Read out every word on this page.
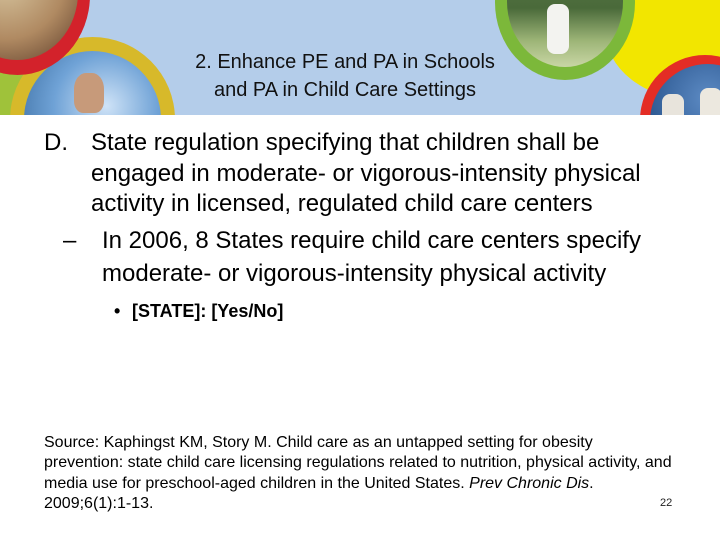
2. Enhance PE and PA in Schools
and PA in Child Care Settings
D. State regulation specifying that children shall be engaged in moderate- or vigorous-intensity physical activity in licensed, regulated child care centers
– In 2006, 8 States require child care centers specify moderate- or vigorous-intensity physical activity
• [STATE]: [Yes/No]
Source: Kaphingst KM, Story M. Child care as an untapped setting for obesity prevention: state child care licensing regulations related to nutrition, physical activity, and media use for preschool-aged children in the United States. Prev Chronic Dis. 2009;6(1):1-13.	22
